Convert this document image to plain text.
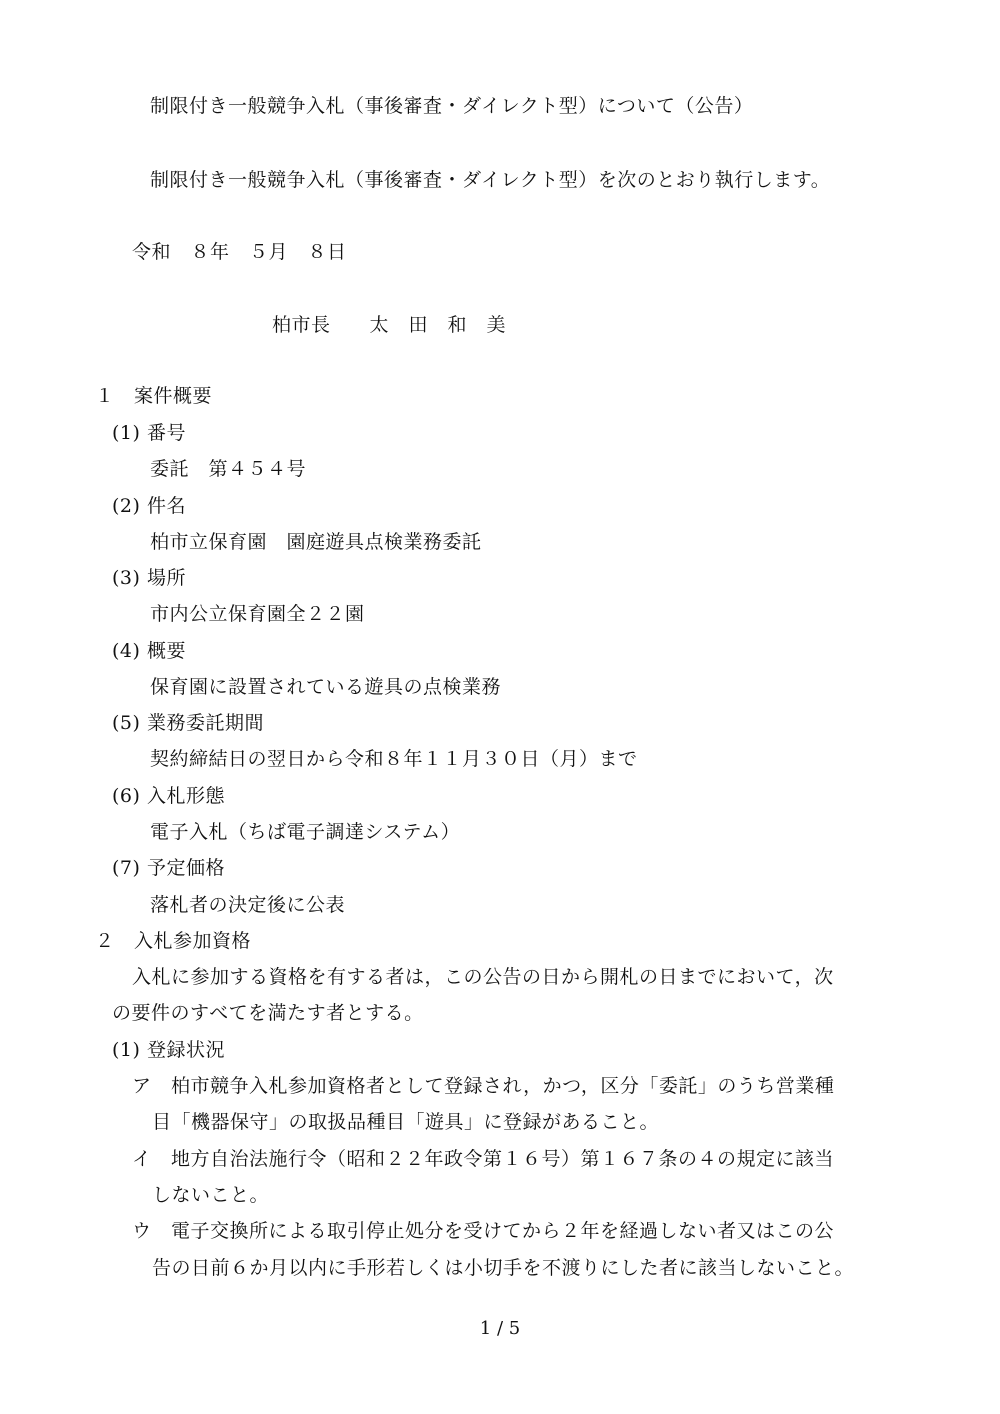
制限付き一般競争入札（事後審査・ダイレクト型）について（公告）
制限付き一般競争入札（事後審査・ダイレクト型）を次のとおり執行します。
令和　８年　５月　８日
柏市長　　太　田　和　美
１　案件概要
(1) 番号
委託　第４５４号
(2) 件名
柏市立保育園　園庭遊具点検業務委託
(3) 場所
市内公立保育園全２２園
(4) 概要
保育園に設置されている遊具の点検業務
(5) 業務委託期間
契約締結日の翌日から令和８年１１月３０日（月）まで
(6) 入札形態
電子入札（ちば電子調達システム）
(7) 予定価格
落札者の決定後に公表
２　入札参加資格
入札に参加する資格を有する者は，この公告の日から開札の日までにおいて，次
の要件のすべてを満たす者とする。
(1) 登録状況
ア　柏市競争入札参加資格者として登録され，かつ，区分「委託」のうち営業種
目「機器保守」の取扱品種目「遊具」に登録があること。
イ　地方自治法施行令（昭和２２年政令第１６号）第１６７条の４の規定に該当
しないこと。
ウ　電子交換所による取引停止処分を受けてから２年を経過しない者又はこの公
告の日前６か月以内に手形若しくは小切手を不渡りにした者に該当しないこと。
1 / 5
